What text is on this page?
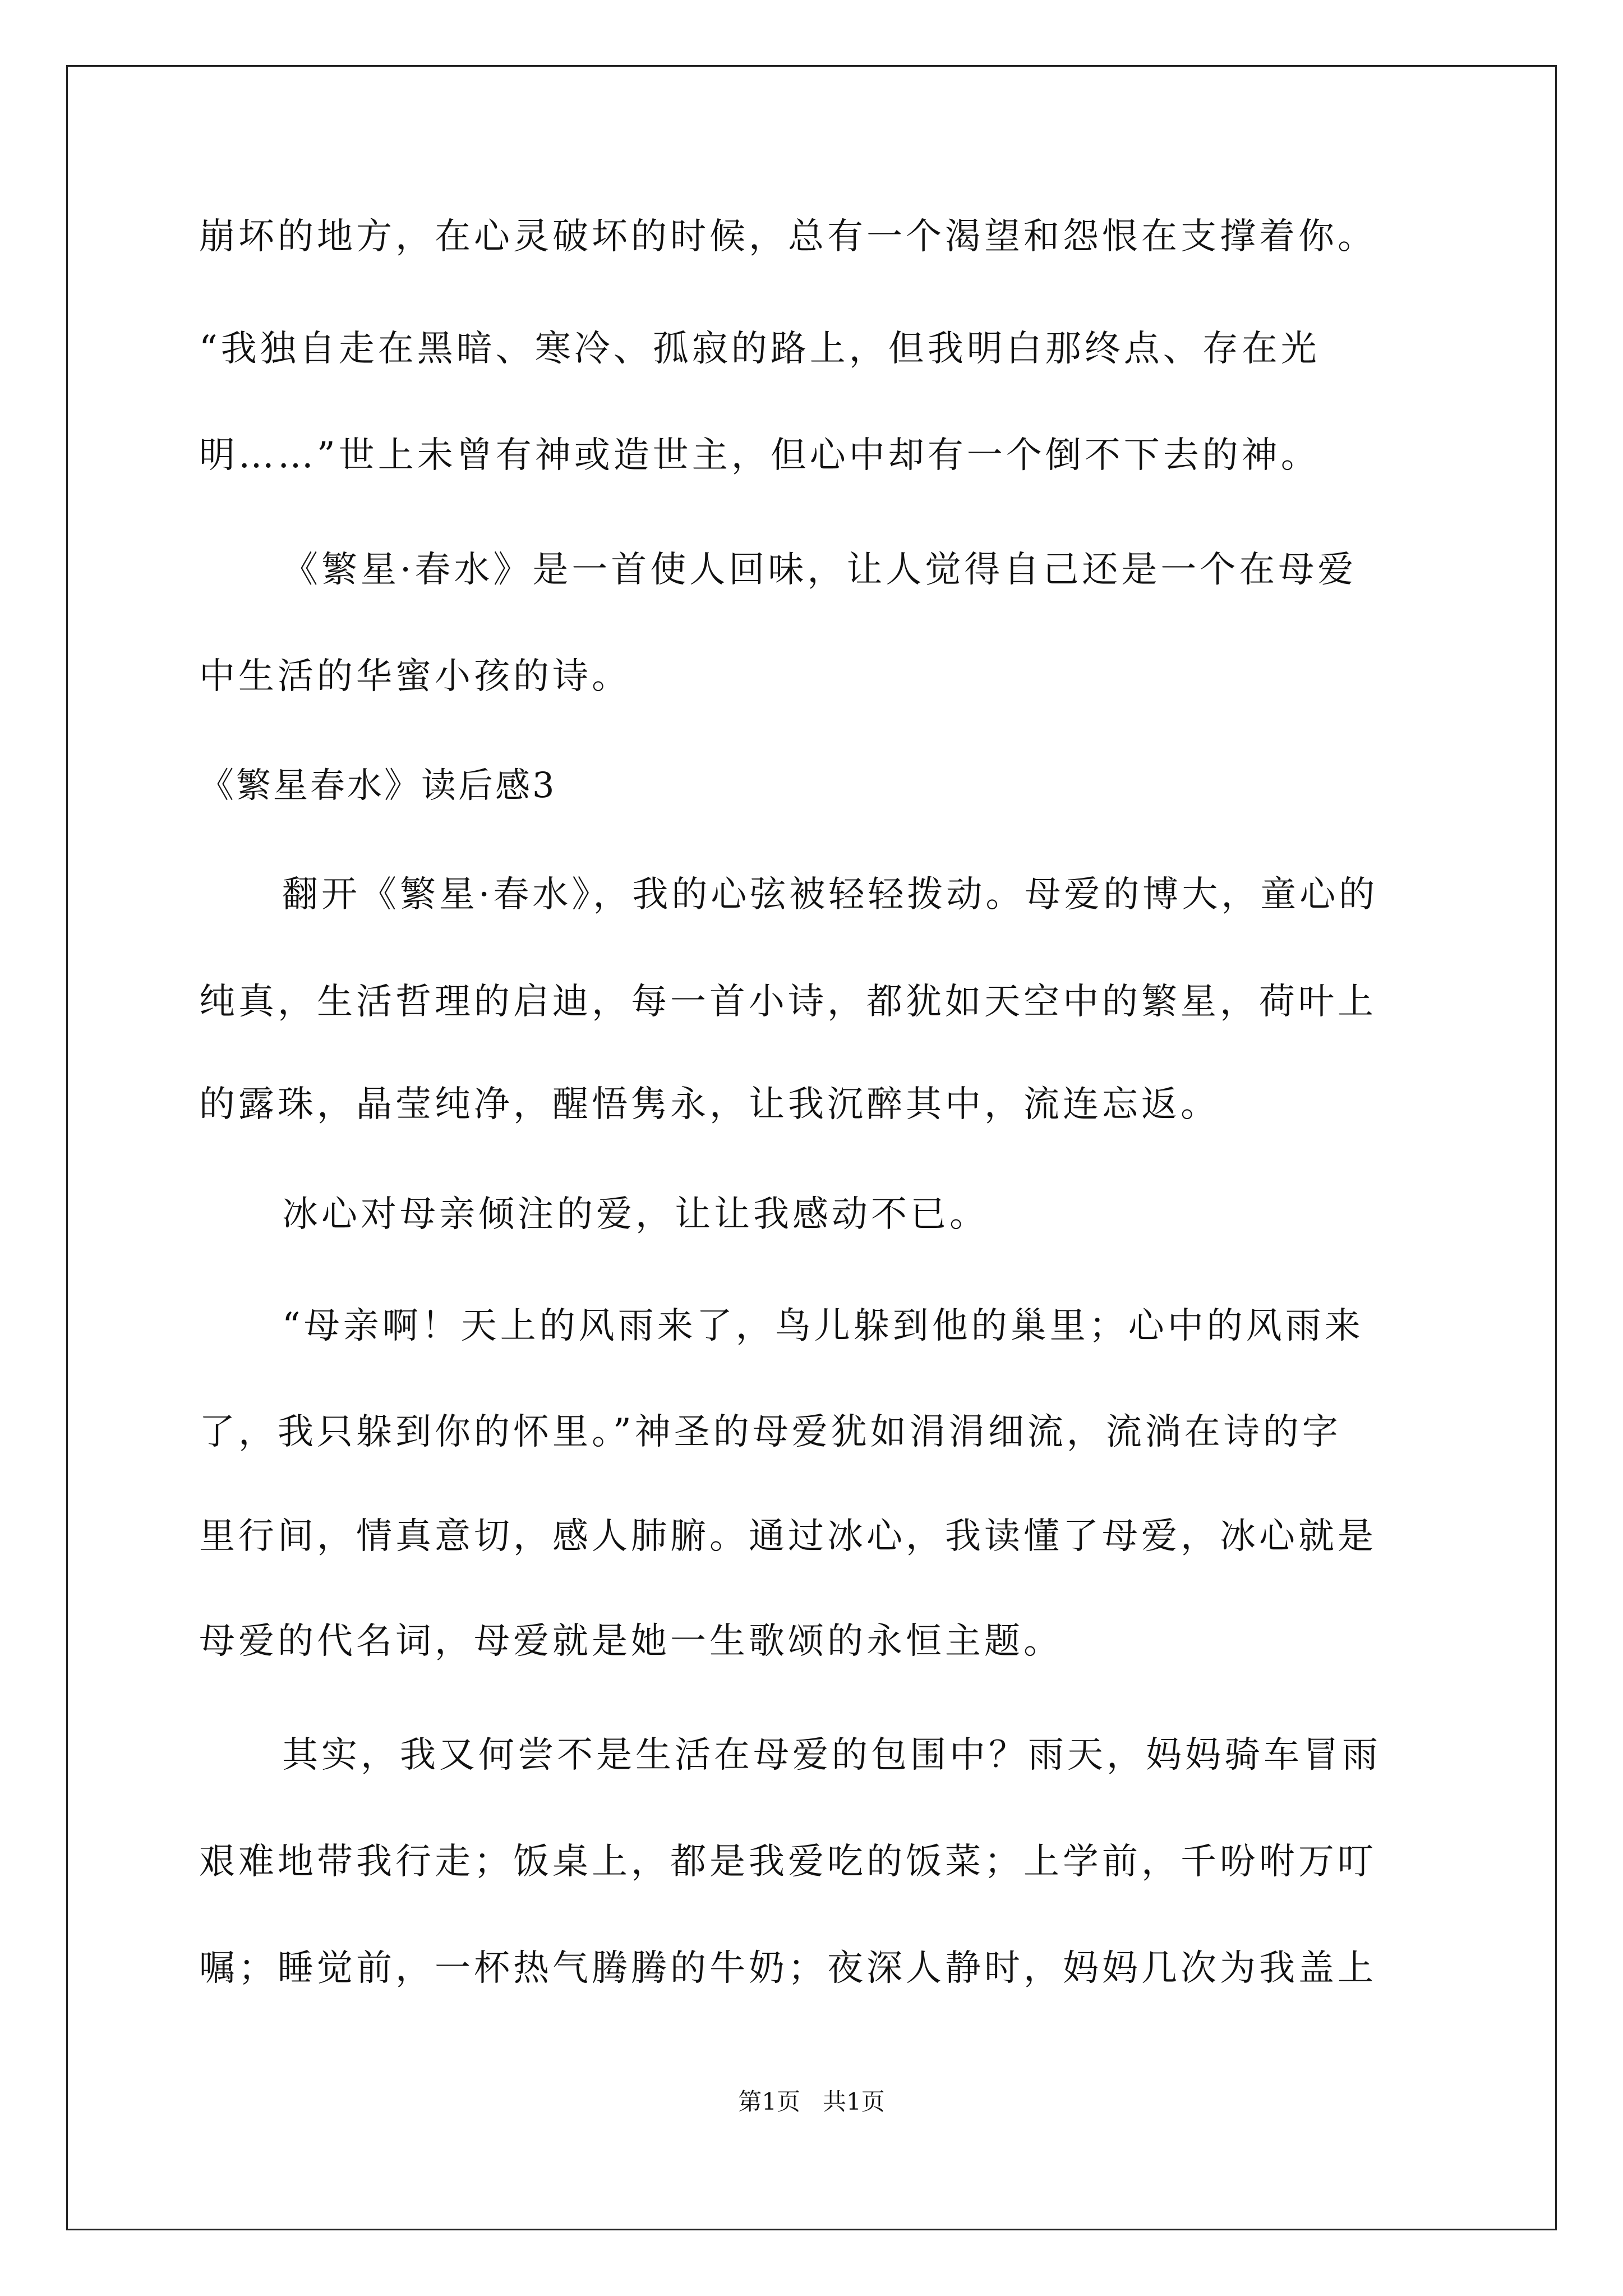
崩坏的地方，在心灵破坏的时候，总有一个渴望和怨恨在支撑着你。
“我独自走在黑暗、寒冷、孤寂的路上，但我明白那终点、存在光
明……”世上未曾有神或造世主，但心中却有一个倒不下去的神。
《繁星·春水》是一首使人回味，让人觉得自己还是一个在母爱
中生活的华蜜小孩的诗。
《繁星春水》读后感3
翻开《繁星·春水》，我的心弦被轻轻拨动。母爱的博大，童心的
纯真，生活哲理的启迪，每一首小诗，都犹如天空中的繁星，荷叶上
的露珠，晶莹纯净，醒悟隽永，让我沉醉其中，流连忘返。
冰心对母亲倾注的爱，让让我感动不已。
“母亲啊！天上的风雨来了，鸟儿躲到他的巢里；心中的风雨来
了，我只躲到你的怀里。”神圣的母爱犹如涓涓细流，流淌在诗的字
里行间，情真意切，感人肺腑。通过冰心，我读懂了母爱，冰心就是
母爱的代名词，母爱就是她一生歌颂的永恒主题。
其实，我又何尝不是生活在母爱的包围中？雨天，妈妈骑车冒雨
艰难地带我行走；饭桌上，都是我爱吃的饭菜；上学前，千吩咐万叮
嘱；睡觉前，一杯热气腾腾的牛奶；夜深人静时，妈妈几次为我盖上
第1页   共1页
